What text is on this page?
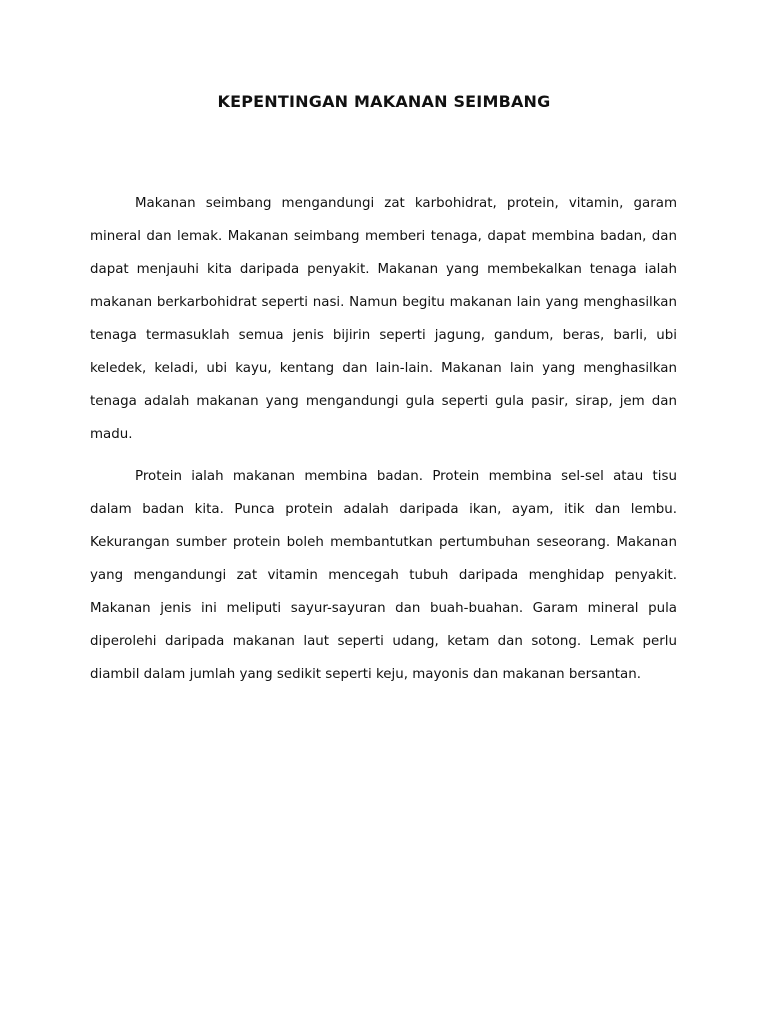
KEPENTINGAN MAKANAN SEIMBANG

Makanan seimbang mengandungi zat karbohidrat, protein, vitamin, garam mineral dan lemak. Makanan seimbang memberi tenaga, dapat membina badan, dan dapat menjauhi kita daripada penyakit. Makanan yang membekalkan tenaga ialah makanan berkarbohidrat seperti nasi. Namun begitu makanan lain yang menghasilkan tenaga termasuklah semua jenis bijirin seperti jagung, gandum, beras, barli, ubi keledek, keladi, ubi kayu, kentang dan lain-lain. Makanan lain yang menghasilkan tenaga adalah makanan yang mengandungi gula seperti gula pasir, sirap, jem dan madu.

Protein ialah makanan membina badan. Protein membina sel-sel atau tisu dalam badan kita. Punca protein adalah daripada ikan, ayam, itik dan lembu. Kekurangan sumber protein boleh membantutkan pertumbuhan seseorang. Makanan yang mengandungi zat vitamin mencegah tubuh daripada menghidap penyakit. Makanan jenis ini meliputi sayur-sayuran dan buah-buahan. Garam mineral pula diperolehi daripada makanan laut seperti udang, ketam dan sotong. Lemak perlu diambil dalam jumlah yang sedikit seperti keju, mayonis dan makanan bersantan.
